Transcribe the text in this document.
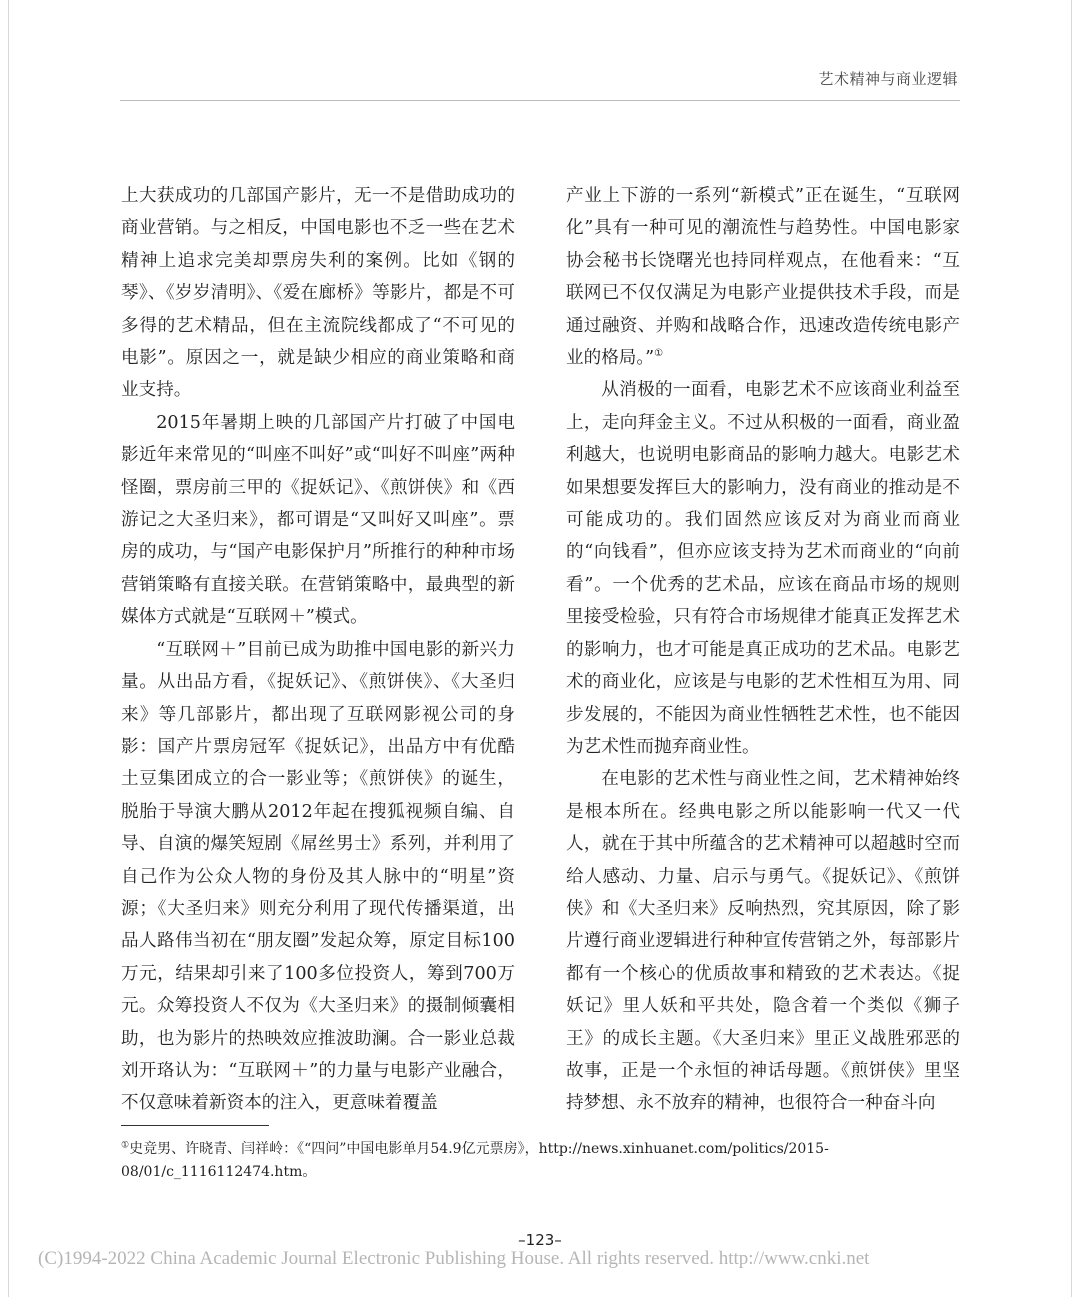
艺术精神与商业逻辑

上大获成功的几部国产影片，无一不是借助成功的商业营销。与之相反，中国电影也不乏一些在艺术精神上追求完美却票房失利的案例。比如《钢的琴》、《岁岁清明》、《爱在廊桥》等影片，都是不可多得的艺术精品，但在主流院线都成了“不可见的电影”。原因之一，就是缺少相应的商业策略和商业支持。

2015年暑期上映的几部国产片打破了中国电影近年来常见的“叫座不叫好”或“叫好不叫座”两种怪圈，票房前三甲的《捉妖记》、《煎饼侠》和《西游记之大圣归来》，都可谓是“又叫好又叫座”。票房的成功，与“国产电影保护月”所推行的种种市场营销策略有直接关联。在营销策略中，最典型的新媒体方式就是“互联网＋”模式。

“互联网＋”目前已成为助推中国电影的新兴力量。从出品方看，《捉妖记》、《煎饼侠》、《大圣归来》等几部影片，都出现了互联网影视公司的身影：国产片票房冠军《捉妖记》，出品方中有优酷土豆集团成立的合一影业等；《煎饼侠》的诞生，脱胎于导演大鹏从2012年起在搜狐视频自编、自导、自演的爆笑短剧《屌丝男士》系列，并利用了自己作为公众人物的身份及其人脉中的“明星”资源；《大圣归来》则充分利用了现代传播渠道，出品人路伟当初在“朋友圈”发起众筹，原定目标100万元，结果却引来了100多位投资人，筹到700万元。众筹投资人不仅为《大圣归来》的摄制倾囊相助，也为影片的热映效应推波助澜。合一影业总裁刘开珞认为：“互联网＋”的力量与电影产业融合，不仅意味着新资本的注入，更意味着覆盖

产业上下游的一系列“新模式”正在诞生，“互联网化”具有一种可见的潮流性与趋势性。中国电影家协会秘书长饶曙光也持同样观点，在他看来：“互联网已不仅仅满足为电影产业提供技术手段，而是通过融资、并购和战略合作，迅速改造传统电影产业的格局。”①

从消极的一面看，电影艺术不应该商业利益至上，走向拜金主义。不过从积极的一面看，商业盈利越大，也说明电影商品的影响力越大。电影艺术如果想要发挥巨大的影响力，没有商业的推动是不可能成功的。我们固然应该反对为商业而商业的“向钱看”，但亦应该支持为艺术而商业的“向前看”。一个优秀的艺术品，应该在商品市场的规则里接受检验，只有符合市场规律才能真正发挥艺术的影响力，也才可能是真正成功的艺术品。电影艺术的商业化，应该是与电影的艺术性相互为用、同步发展的，不能因为商业性牺牲艺术性，也不能因为艺术性而抛弃商业性。

在电影的艺术性与商业性之间，艺术精神始终是根本所在。经典电影之所以能影响一代又一代人，就在于其中所蕴含的艺术精神可以超越时空而给人感动、力量、启示与勇气。《捉妖记》、《煎饼侠》和《大圣归来》反响热烈，究其原因，除了影片遵行商业逻辑进行种种宣传营销之外，每部影片都有一个核心的优质故事和精致的艺术表达。《捉妖记》里人妖和平共处，隐含着一个类似《狮子王》的成长主题。《大圣归来》里正义战胜邪恶的故事，正是一个永恒的神话母题。《煎饼侠》里坚持梦想、永不放弃的精神，也很符合一种奋斗向

①史竞男、许晓青、闫祥岭：《“四问”中国电影单月54.9亿元票房》，http://news.xinhuanet.com/politics/2015-08/01/c_1116112474.htm。
–123–
(C)1994-2022 China Academic Journal Electronic Publishing House. All rights reserved. http://www.cnki.net
